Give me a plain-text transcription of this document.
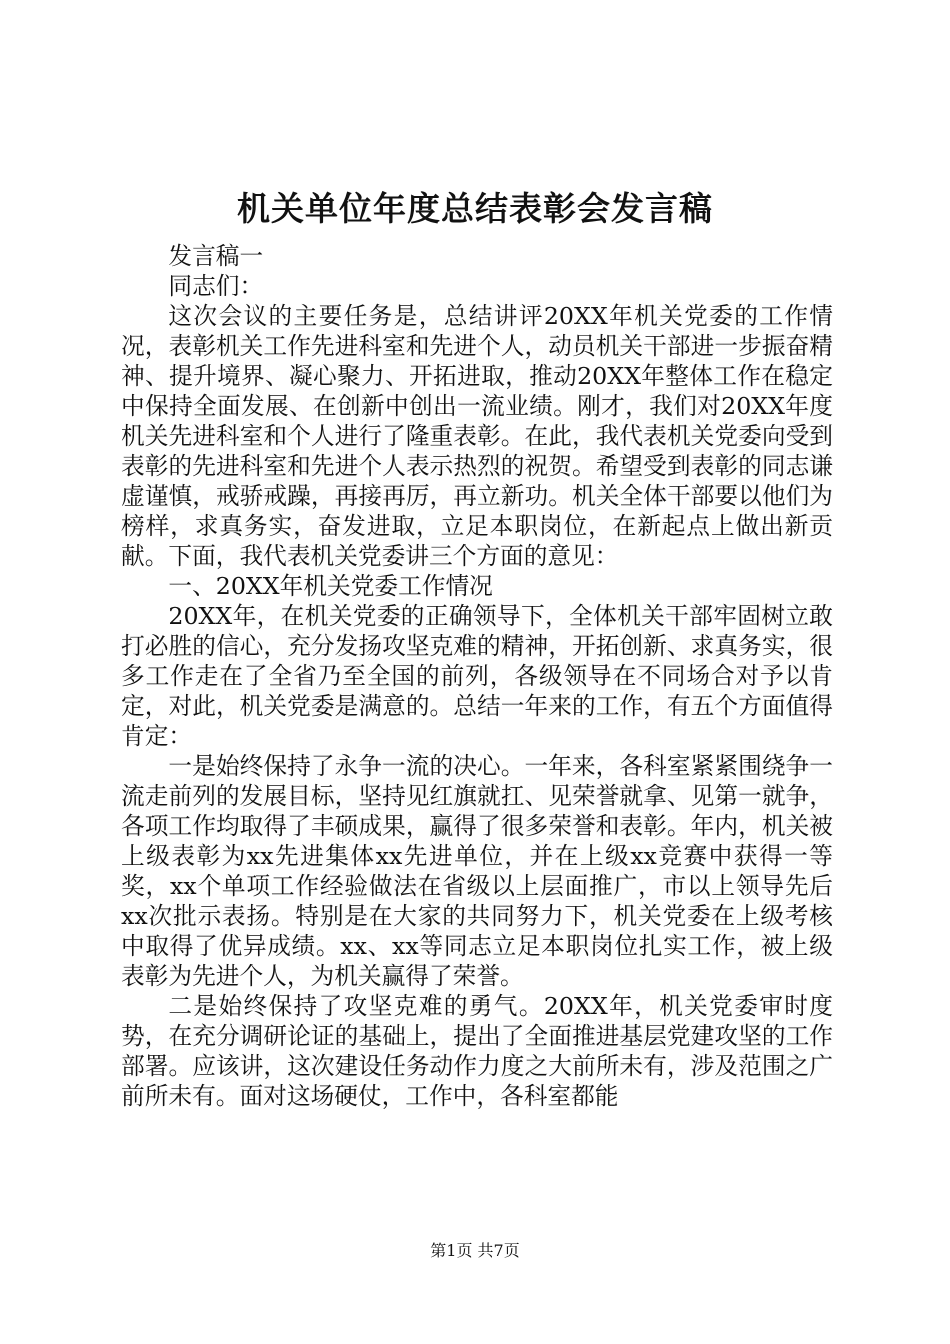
机关单位年度总结表彰会发言稿

发言稿一

同志们：

这次会议的主要任务是，总结讲评20XX年机关党委的工作情况，表彰机关工作先进科室和先进个人，动员机关干部进一步振奋精神、提升境界、凝心聚力、开拓进取，推动20XX年整体工作在稳定中保持全面发展、在创新中创出一流业绩。刚才，我们对20XX年度机关先进科室和个人进行了隆重表彰。在此，我代表机关党委向受到表彰的先进科室和先进个人表示热烈的祝贺。希望受到表彰的同志谦虚谨慎，戒骄戒躁，再接再厉，再立新功。机关全体干部要以他们为榜样，求真务实，奋发进取，立足本职岗位，在新起点上做出新贡献。下面，我代表机关党委讲三个方面的意见：

一、20XX年机关党委工作情况

20XX年，在机关党委的正确领导下，全体机关干部牢固树立敢打必胜的信心，充分发扬攻坚克难的精神，开拓创新、求真务实，很多工作走在了全省乃至全国的前列，各级领导在不同场合对予以肯定，对此，机关党委是满意的。总结一年来的工作，有五个方面值得肯定：

一是始终保持了永争一流的决心。一年来，各科室紧紧围绕争一流走前列的发展目标，坚持见红旗就扛、见荣誉就拿、见第一就争，各项工作均取得了丰硕成果，赢得了很多荣誉和表彰。年内，机关被上级表彰为xx先进集体xx先进单位，并在上级xx竞赛中获得一等奖，xx个单项工作经验做法在省级以上层面推广，市以上领导先后xx次批示表扬。特别是在大家的共同努力下，机关党委在上级考核中取得了优异成绩。xx、xx等同志立足本职岗位扎实工作，被上级表彰为先进个人，为机关赢得了荣誉。

二是始终保持了攻坚克难的勇气。20XX年，机关党委审时度势，在充分调研论证的基础上，提出了全面推进基层党建攻坚的工作部署。应该讲，这次建设任务动作力度之大前所未有，涉及范围之广前所未有。面对这场硬仗，工作中，各科室都能

第1页 共7页
